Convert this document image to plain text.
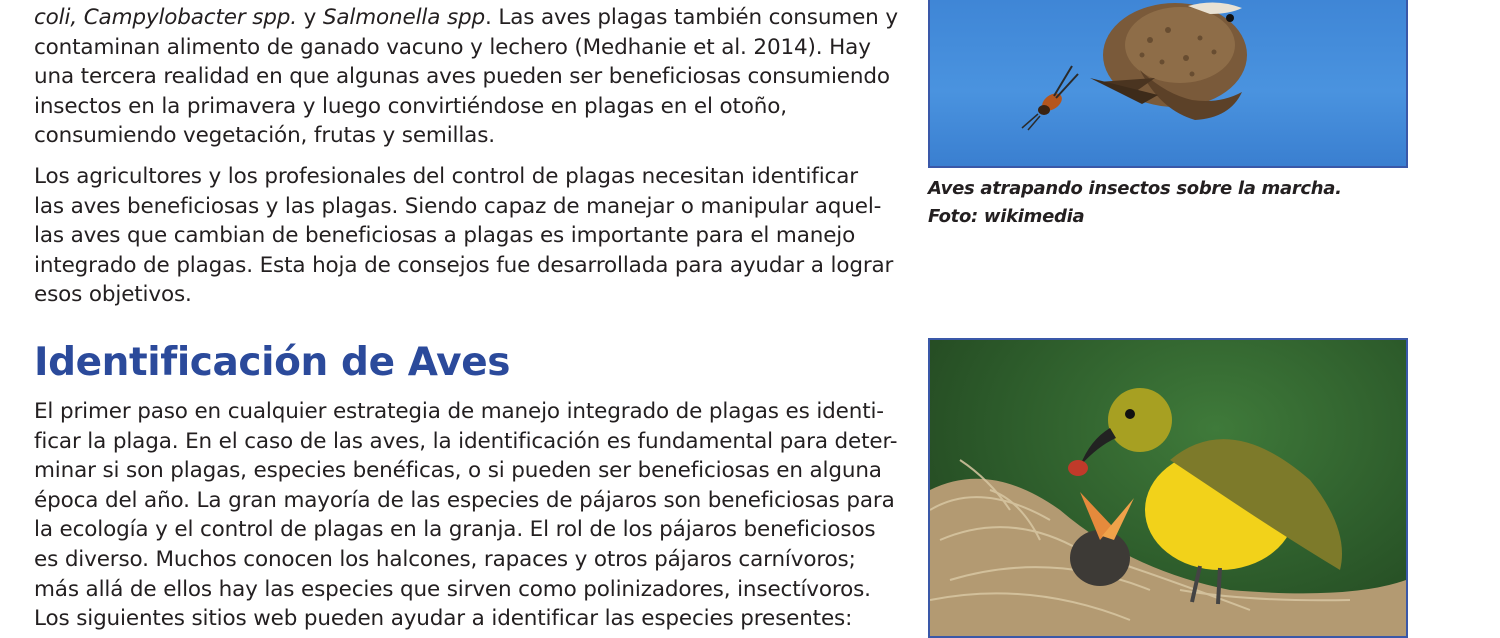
coli, Campylobacter spp. y Salmonella spp. Las aves plagas también consumen y
contaminan alimento de ganado vacuno y lechero (Medhanie et al. 2014). Hay
una tercera realidad en que algunas aves pueden ser beneficiosas consumiendo
insectos en la primavera y luego convirtiéndose en plagas en el otoño,
consumiendo vegetación, frutas y semillas.
Los agricultores y los profesionales del control de plagas necesitan identificar
las aves beneficiosas y las plagas. Siendo capaz de manejar o manipular aquel-
las aves que cambian de beneficiosas a plagas es importante para el manejo
integrado de plagas. Esta hoja de consejos fue desarrollada para ayudar a lograr
esos objetivos.
Identificación de Aves
El primer paso en cualquier estrategia de manejo integrado de plagas es identi-
ficar la plaga. En el caso de las aves, la identificación es fundamental para deter-
minar si son plagas, especies benéficas, o si pueden ser beneficiosas en alguna
época del año. La gran mayoría de las especies de pájaros son beneficiosas para
la ecología y el control de plagas en la granja. El rol de los pájaros beneficiosos
es diverso. Muchos conocen los halcones, rapaces y otros pájaros carnívoros;
más allá de ellos hay las especies que sirven como polinizadores, insectívoros.
Los siguientes sitios web pueden ayudar a identificar las especies presentes:
Aves atrapando insectos sobre la marcha.
Foto: wikimedia
